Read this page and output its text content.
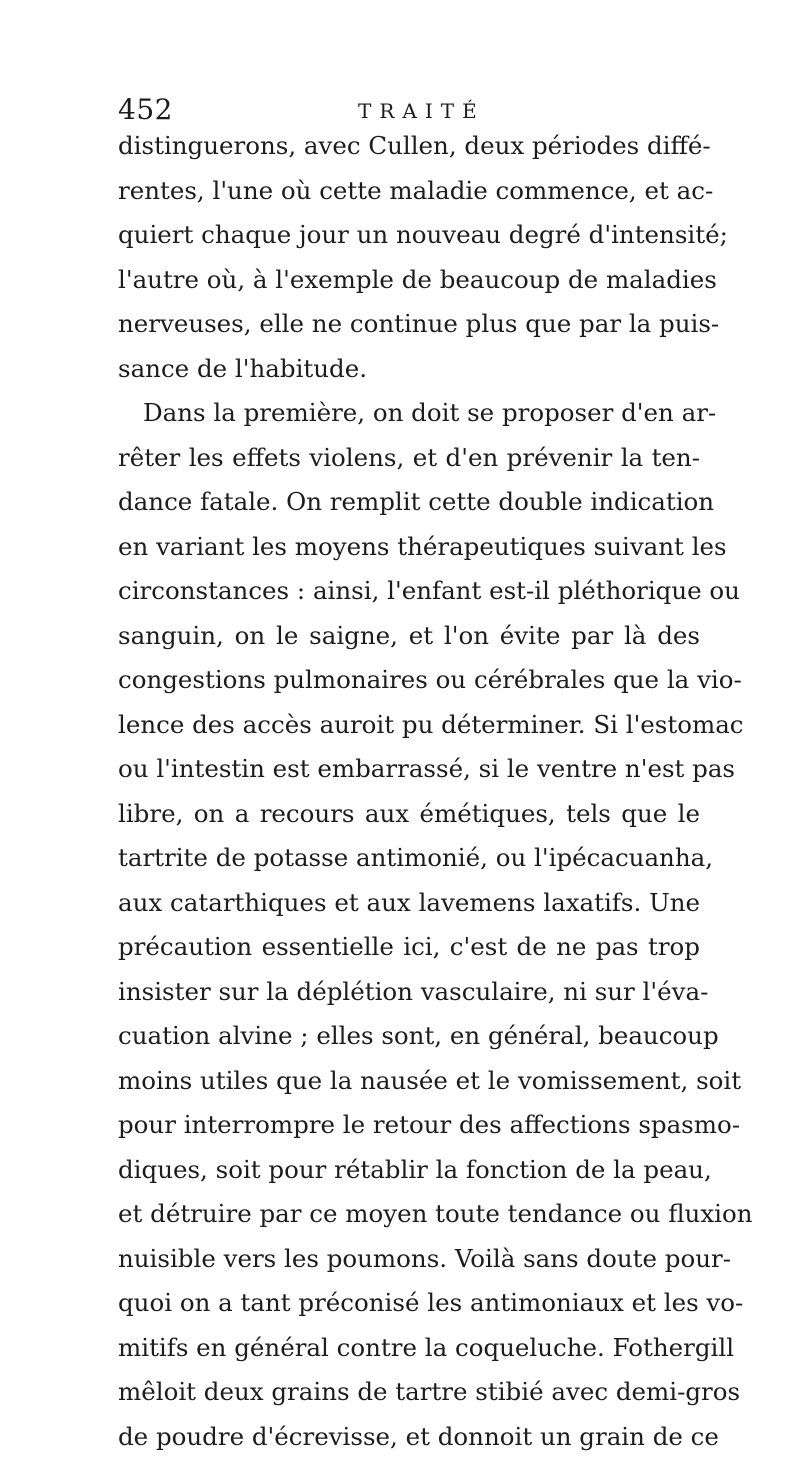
452	TRAITÉ
distinguerons, avec Cullen, deux périodes diffé-
rentes, l'une où cette maladie commence, et ac-
quiert chaque jour un nouveau degré d'intensité;
l'autre où, à l'exemple de beaucoup de maladies
nerveuses, elle ne continue plus que par la puis-
sance de l'habitude.
Dans la première, on doit se proposer d'en ar-
rêter les effets violens, et d'en prévenir la ten-
dance fatale. On remplit cette double indication
en variant les moyens thérapeutiques suivant les
circonstances : ainsi, l'enfant est-il pléthorique ou
sanguin, on le saigne, et l'on évite par là des
congestions pulmonaires ou cérébrales que la vio-
lence des accès auroit pu déterminer. Si l'estomac
ou l'intestin est embarrassé, si le ventre n'est pas
libre, on a recours aux émétiques, tels que le
tartrite de potasse antimonié, ou l'ipécacuanha,
aux catarthiques et aux lavemens laxatifs. Une
précaution essentielle ici, c'est de ne pas trop
insister sur la déplétion vasculaire, ni sur l'éva-
cuation alvine ; elles sont, en général, beaucoup
moins utiles que la nausée et le vomissement, soit
pour interrompre le retour des affections spasmo-
diques, soit pour rétablir la fonction de la peau,
et détruire par ce moyen toute tendance ou fluxion
nuisible vers les poumons. Voilà sans doute pour-
quoi on a tant préconisé les antimoniaux et les vo-
mitifs en général contre la coqueluche. Fothergill
mêloit deux grains de tartre stibié avec demi-gros
de poudre d'écrevisse, et donnoit un grain de ce
